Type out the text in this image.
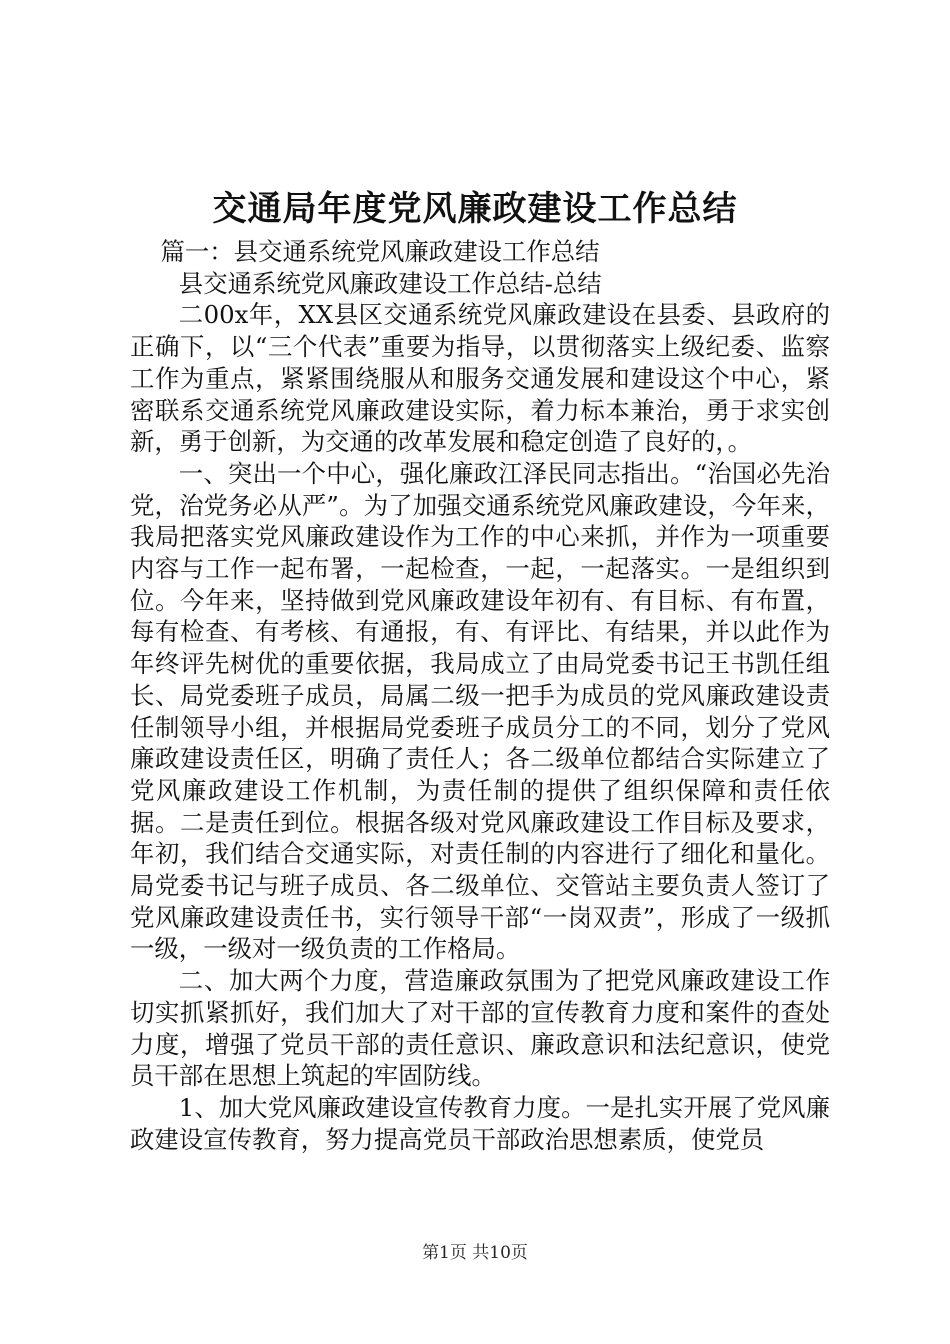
交通局年度党风廉政建设工作总结

篇一：县交通系统党风廉政建设工作总结

县交通系统党风廉政建设工作总结-总结

二00x年，XX县区交通系统党风廉政建设在县委、县政府的正确下，以“三个代表”重要为指导，以贯彻落实上级纪委、监察工作为重点，紧紧围绕服从和服务交通发展和建设这个中心，紧密联系交通系统党风廉政建设实际，着力标本兼治，勇于求实创新，勇于创新，为交通的改革发展和稳定创造了良好的，。

一、突出一个中心，强化廉政江泽民同志指出。“治国必先治党，治党务必从严”。为了加强交通系统党风廉政建设，今年来，我局把落实党风廉政建设作为工作的中心来抓，并作为一项重要内容与工作一起布署，一起检查，一起，一起落实。一是组织到位。今年来，坚持做到党风廉政建设年初有、有目标、有布置，每有检查、有考核、有通报，有、有评比、有结果，并以此作为年终评先树优的重要依据，我局成立了由局党委书记王书凯任组长、局党委班子成员，局属二级一把手为成员的党风廉政建设责任制领导小组，并根据局党委班子成员分工的不同，划分了党风廉政建设责任区，明确了责任人；各二级单位都结合实际建立了党风廉政建设工作机制，为责任制的提供了组织保障和责任依据。二是责任到位。根据各级对党风廉政建设工作目标及要求，年初，我们结合交通实际，对责任制的内容进行了细化和量化。局党委书记与班子成员、各二级单位、交管站主要负责人签订了党风廉政建设责任书，实行领导干部“一岗双责”，形成了一级抓一级，一级对一级负责的工作格局。

二、加大两个力度，营造廉政氛围为了把党风廉政建设工作切实抓紧抓好，我们加大了对干部的宣传教育力度和案件的查处力度，增强了党员干部的责任意识、廉政意识和法纪意识，使党员干部在思想上筑起的牢固防线。

1、加大党风廉政建设宣传教育力度。一是扎实开展了党风廉政建设宣传教育，努力提高党员干部政治思想素质，使党员

第1页 共10页
